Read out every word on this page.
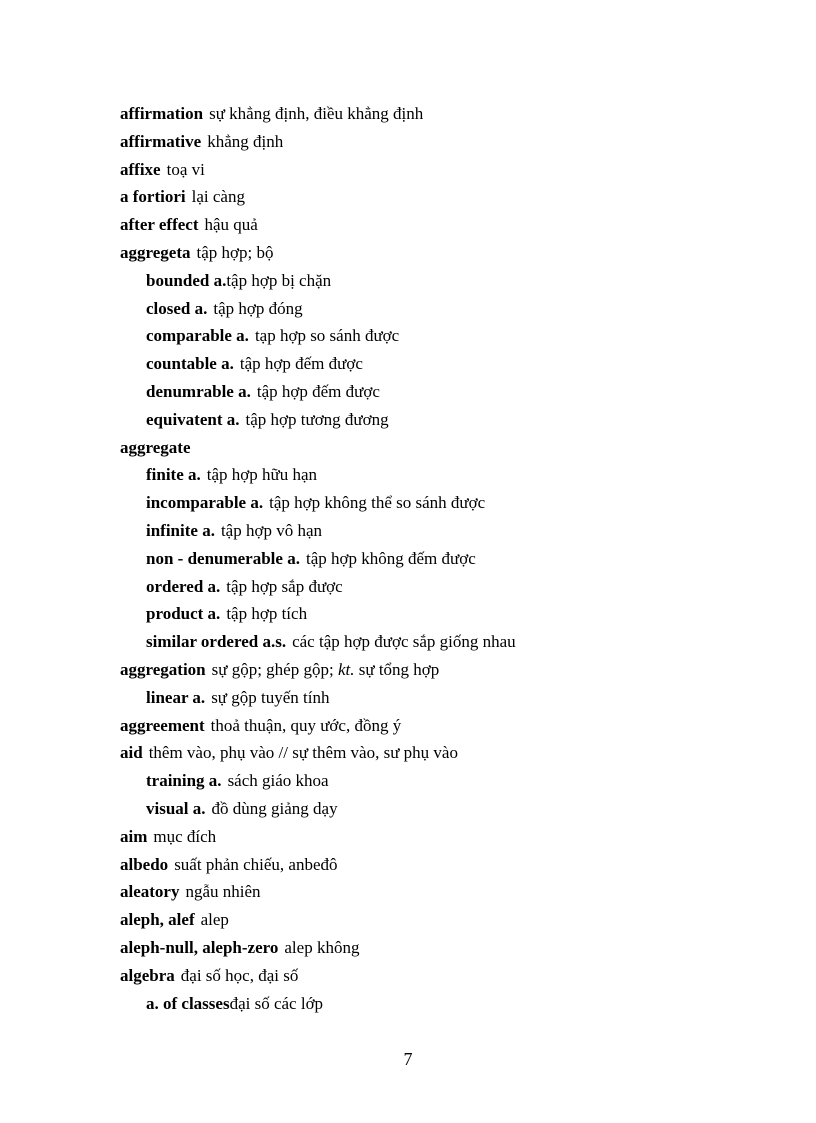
affirmation sự khẳng định, điều khẳng định
affirmative khẳng định
affixe toạ vi
a fortiori lại càng
after effect hậu quả
aggregeta tập hợp; bộ
bounded a.tập hợp bị chặn
closed a. tập hợp đóng
comparable a. tạp hợp so sánh được
countable a. tập hợp đếm được
denumrable a. tập hợp đếm được
equivatent a. tập hợp tương đương
aggregate
finite a. tập hợp hữu hạn
incomparable a. tập hợp không thể so sánh được
infinite a. tập hợp vô hạn
non - denumerable a. tập hợp không đếm được
ordered a. tập hợp sắp được
product a. tập hợp tích
similar ordered a.s. các tập hợp được sắp giống nhau
aggregation sự gộp; ghép gộp; kt. sự tổng hợp
linear a. sự gộp tuyến tính
aggreement thoả thuận, quy ước, đồng ý
aid thêm vào, phụ vào // sự thêm vào, sư phụ vào
training a. sách giáo khoa
visual a. đồ dùng giảng dạy
aim mục đích
albedo suất phản chiếu, anbeđô
aleatory ngẫu nhiên
aleph, alef alep
aleph-null, aleph-zero alep không
algebra đại số học, đại số
a. of classesđại số các lớp
7
